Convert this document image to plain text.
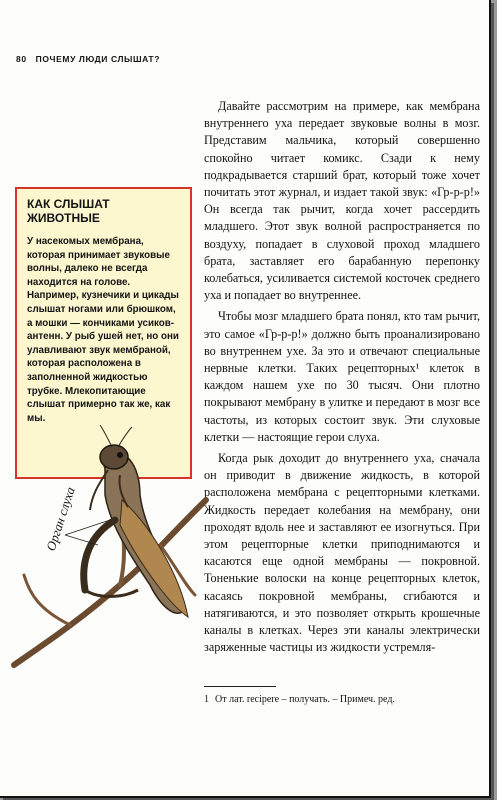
80 ПОЧЕМУ ЛЮДИ СЛЫШАТ?

Давайте рассмотрим на примере, как мембрана внутреннего уха передает звуковые волны в мозг. Представим мальчика, который совершенно спокойно читает комикс. Сзади к нему подкрадывается старший брат, который тоже хочет почитать этот журнал, и издает такой звук: «Гр-р-р!» Он всегда так рычит, когда хочет рассердить младшего. Этот звук волной распространяется по воздуху, попадает в слуховой проход младшего брата, заставляет его барабанную перепонку колебаться, усиливается системой косточек среднего уха и попадает во внутреннее.

Чтобы мозг младшего брата понял, кто там рычит, это самое «Гр-р-р!» должно быть проанализировано во внутреннем ухе. За это и отвечают специальные нервные клетки. Таких рецепторных¹ клеток в каждом нашем ухе по 30 тысяч. Они плотно покрывают мембрану в улитке и передают в мозг все частоты, из которых состоит звук. Эти слуховые клетки — настоящие герои слуха.

Когда рык доходит до внутреннего уха, сначала он приводит в движение жидкость, в которой расположена мембрана с рецепторными клетками. Жидкость передает колебания на мембрану, они проходят вдоль нее и заставляют ее изогнуться. При этом рецепторные клетки приподнимаются и касаются еще одной мембраны — покровной. Тоненькие волоски на конце рецепторных клеток, касаясь покровной мембраны, сгибаются и натягиваются, и это позволяет открыть крошечные каналы в клетках. Через эти каналы электрически заряженные частицы из жидкости устремля-

КАК СЛЫШАТ ЖИВОТНЫЕ
У насекомых мембрана, которая принимает звуковые волны, далеко не всегда находится на голове. Например, кузнечики и цикады слышат ногами или брюшком, а мошки — кончиками усиков-антенн. У рыб ушей нет, но они улавливают звук мембраной, которая расположена в заполненной жидкостью трубке. Млекопитающие слышат примерно так же, как мы.
Орган слуха
1 От лат. recipere – получать. – Примеч. ред.
